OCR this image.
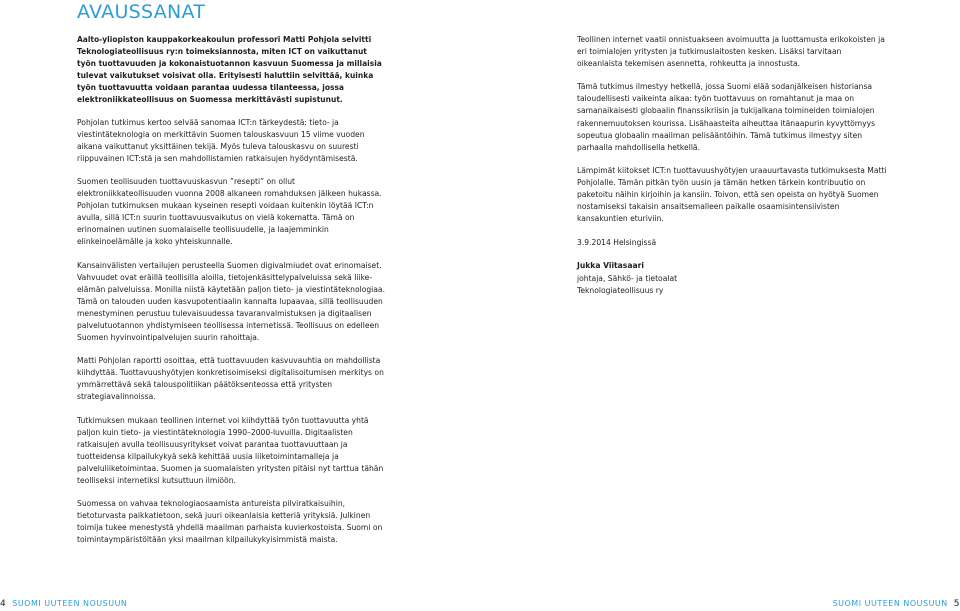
AVAUSSANAT

Aalto-yliopiston kauppakorkeakoulun professori Matti Pohjola selvitti Teknologiateollisuus ry:n toimeksiannosta, miten ICT on vaikuttanut työn tuottavuuden ja kokonaistuotannon kasvuun Suomessa ja millaisia tulevat vaikutukset voisivat olla. Erityisesti haluttiin selvittää, kuinka työn tuottavuutta voidaan parantaa uudessa tilanteessa, jossa elektroniikkateollisuus on Suomessa merkittävästi supistunut.

Pohjolan tutkimus kertoo selvää sanomaa ICT:n tärkeydestä: tieto- ja viestintäteknologia on merkittävin Suomen talouskasvuun 15 viime vuoden aikana vaikuttanut yksittäinen tekijä. Myös tuleva talouskasvu on suuresti riippuvainen ICT:stä ja sen mahdollistamien ratkaisujen hyödyntämisestä.

Suomen teollisuuden tuottavuuskasvun ”resepti” on ollut elektroniikkateollisuuden vuonna 2008 alkaneen romahduksen jälkeen hukassa. Pohjolan tutkimuksen mukaan kyseinen resepti voidaan kuitenkin löytää ICT:n avulla, sillä ICT:n suurin tuottavuusvaikutus on vielä kokematta. Tämä on erinomainen uutinen suomalaiselle teollisuudelle, ja laajemminkin elinkeinoelämälle ja koko yhteiskunnalle.

Kansainvälisten vertailujen perusteella Suomen digivalmiudet ovat erinomaiset. Vahvuudet ovat eräillä teollisilla aloilla, tietojenkäsittelypalveluissa sekä liike-elämän palveluissa. Monilla niistä käytetään paljon tieto- ja viestintäteknologiaa. Tämä on talouden uuden kasvupotentiaalin kannalta lupaavaa, sillä teollisuuden menestyminen perustuu tulevaisuudessa tavaranvalmistuksen ja digitaalisen palvelutuotannon yhdistymiseen teollisessa internetissä. Teollisuus on edelleen Suomen hyvinvointipalvelujen suurin rahoittaja.

Matti Pohjolan raportti osoittaa, että tuottavuuden kasvuvauhtia on mahdollista kiihdyttää. Tuottavuushyötyjen konkretisoimiseksi digitalisoitumisen merkitys on ymmärrettävä sekä talouspolitiikan päätöksenteossa että yritysten strategiavalinnoissa.

Tutkimuksen mukaan teollinen internet voi kiihdyttää työn tuottavuutta yhtä paljon kuin tieto- ja viestintäteknologia 1990–2000-luvuilla. Digitaalisten ratkaisujen avulla teollisuusyritykset voivat parantaa tuottavuuttaan ja tuotteidensa kilpailukykyä sekä kehittää uusia liiketoimintamalleja ja palveluliiketoimintaa. Suomen ja suomalaisten yritysten pitäisi nyt tarttua tähän teolliseksi internetiksi kutsuttuun ilmiöön.

Suomessa on vahvaa teknologiaosaamista antureista pilviratkaisuihin, tietoturvasta paikkatietoon, sekä juuri oikeanlaisia ketteriä yrityksiä. Julkinen toimija tukee menestystä yhdellä maailman parhaista kuvierkostoista. Suomi on toimintaympäristöltään yksi maailman kilpailukykyisimmistä maista.

Teollinen internet vaatii onnistuakseen avoimuutta ja luottamusta erikokoisten ja eri toimialojen yritysten ja tutkimuslaitosten kesken. Lisäksi tarvitaan oikeanlaista tekemisen asennetta, rohkeutta ja innostusta.

Tämä tutkimus ilmestyy hetkellä, jossa Suomi elää sodanjälkeisen historiansa taloudellisesti vaikeinta aikaa: työn tuottavuus on romahtanut ja maa on samanaikaisesti globaalin finanssikriisin ja tukijalkana toimineiden toimialojen rakennemuutoksen kourissa. Lisähaasteita aiheuttaa itänaapurin kyvyttömyys sopeutua globaalin maailman pelisääntöihin. Tämä tutkimus ilmestyy siten parhaalla mahdollisella hetkellä.

Lämpimät kiitokset ICT:n tuottavuushyötyjen uraauurtavasta tutkimuksesta Matti Pohjolalle. Tämän pitkän työn uusin ja tämän hetken tärkein kontribuutio on paketoitu näihin kirjoihin ja kansiin. Toivon, että sen opeista on hyötyä Suomen nostamiseksi takaisin ansaitsemalleen paikalle osaamisintensiivisten kansakuntien eturiviin.

3.9.2014 Helsingissä

Jukka Viitasaari
johtaja, Sähkö- ja tietoalat
Teknologiateollisuus ry
4 SUOMI UUTEEN NOUSUUN	SUOMI UUTEEN NOUSUUN 5
